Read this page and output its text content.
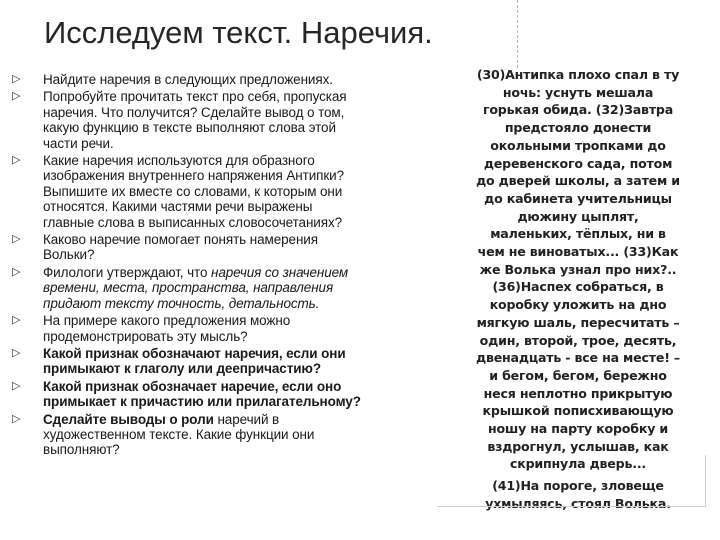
Исследуем текст. Наречия.
▷ Найдите наречия в следующих предложениях.
▷ Попробуйте прочитать текст про себя, пропуская
наречия. Что получится? Сделайте вывод о том,
какую функцию в тексте выполняют слова этой
части речи.
▷ Какие наречия используются для образного
изображения внутреннего напряжения Антипки?
Выпишите их вместе со словами, к которым они
относятся. Какими частями речи выражены
главные слова в выписанных словосочетаниях?
▷ Каково наречие помогает понять намерения
Вольки?
▷ Филологи утверждают, что наречия со значением
времени, места, пространства, направления
придают тексту точность, детальность.
▷ На примере какого предложения можно
продемонстрировать эту мысль?
▷ Какой признак обозначают наречия, если они
примыкают к глаголу или деепричастию?
▷ Какой признак обозначает наречие, если оно
примыкает к причастию или прилагательному?
▷ Сделайте выводы о роли наречий в
художественном тексте. Какие функции они
выполняют?
(30)Антипка плохо спал в ту
ночь: уснуть мешала
горькая обида. (32)Завтра
предстояло донести
окольными тропками до
деревенского сада, потом
до дверей школы, а затем и
до кабинета учительницы
дюжину цыплят,
маленьких, тёплых, ни в
чем не виноватых... (33)Как
же Волька узнал про них?..
(36)Наспех собраться, в
коробку уложить на дно
мягкую шаль, пересчитать –
один, второй, трое, десять,
двенадцать - все на месте! –
и бегом, бегом, бережно
неся неплотно прикрытую
крышкой пописхивающую
ношу на парту коробку и
вздрогнул, услышав, как
скрипнула дверь...
(41)На пороге, зловеще
ухмыляясь, стоял Волька.
